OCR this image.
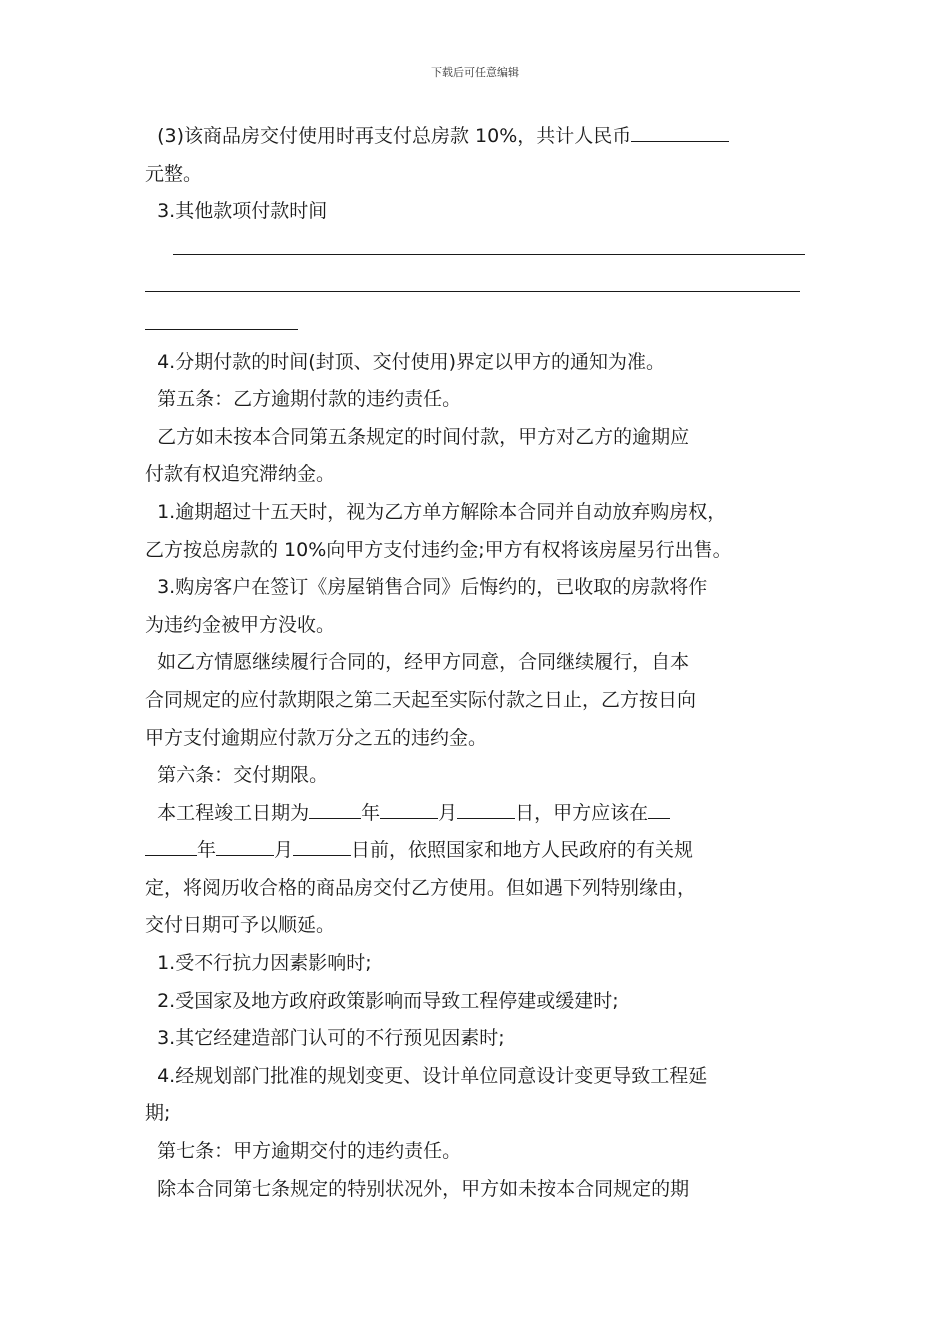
下载后可任意编辑
(3)该商品房交付使用时再支付总房款 10%，共计人民币
元整。
3.其他款项付款时间
4.分期付款的时间(封顶、交付使用)界定以甲方的通知为准。
第五条：乙方逾期付款的违约责任。
乙方如未按本合同第五条规定的时间付款，甲方对乙方的逾期应
付款有权追究滞纳金。
1.逾期超过十五天时，视为乙方单方解除本合同并自动放弃购房权，
乙方按总房款的 10%向甲方支付违约金;甲方有权将该房屋另行出售。
3.购房客户在签订《房屋销售合同》后悔约的，已收取的房款将作
为违约金被甲方没收。
如乙方情愿继续履行合同的，经甲方同意，合同继续履行，自本
合同规定的应付款期限之第二天起至实际付款之日止，乙方按日向
甲方支付逾期应付款万分之五的违约金。
第六条：交付期限。
本工程竣工日期为	年	月	日，甲方应该在
年	月	日前，依照国家和地方人民政府的有关规
定，将阅历收合格的商品房交付乙方使用。但如遇下列特别缘由，
交付日期可予以顺延。
1.受不行抗力因素影响时;
2.受国家及地方政府政策影响而导致工程停建或缓建时;
3.其它经建造部门认可的不行预见因素时;
4.经规划部门批准的规划变更、设计单位同意设计变更导致工程延
期;
第七条：甲方逾期交付的违约责任。
除本合同第七条规定的特别状况外，甲方如未按本合同规定的期
